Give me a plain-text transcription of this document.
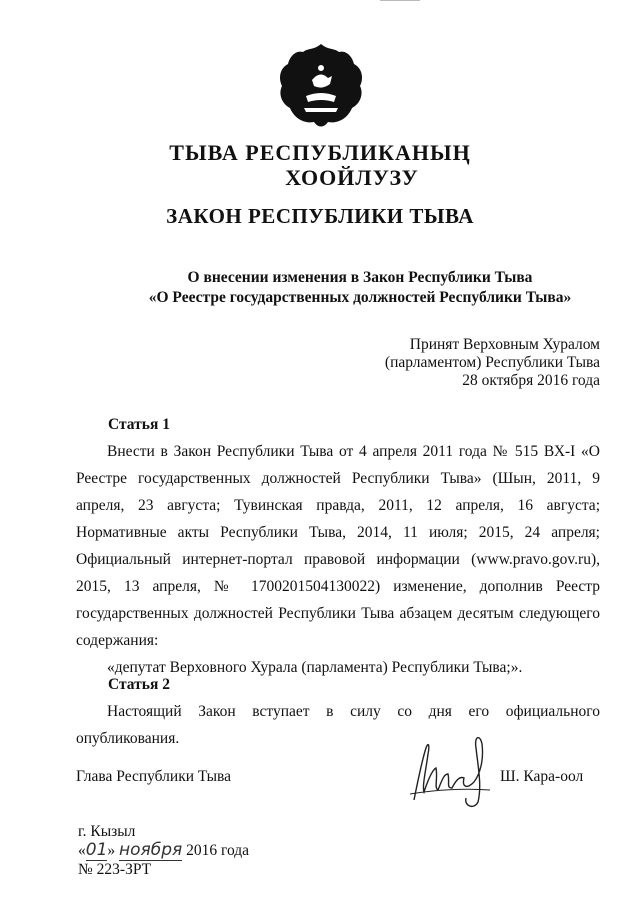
ТЫВА РЕСПУБЛИКАНЫҢ
ХООЙЛУЗУ
ЗАКОН РЕСПУБЛИКИ ТЫВА
О внесении изменения в Закон Республики Тыва
«О Реестре государственных должностей Республики Тыва»
Принят Верховным Хуралом
(парламентом) Республики Тыва
28 октября 2016 года
Статья 1

Внести в Закон Республики Тыва от 4 апреля 2011 года № 515 ВХ-I «О Реестре государственных должностей Республики Тыва» (Шын, 2011, 9 апреля, 23 августа; Тувинская правда, 2011, 12 апреля, 16 августа; Нормативные акты Республики Тыва, 2014, 11 июля; 2015, 24 апреля; Официальный интернет-портал правовой информации (www.pravo.gov.ru), 2015, 13 апреля, № 1700201504130022) изменение, дополнив Реестр государственных должностей Республики Тыва абзацем десятым следующего содержания:

«депутат Верховного Хурала (парламента) Республики Тыва;».

Статья 2

Настоящий Закон вступает в силу со дня его официального опубликования.

Глава Республики Тыва	Ш. Кара-оол
г. Кызыл
«01» ноября 2016 года
№ 223-ЗРТ
